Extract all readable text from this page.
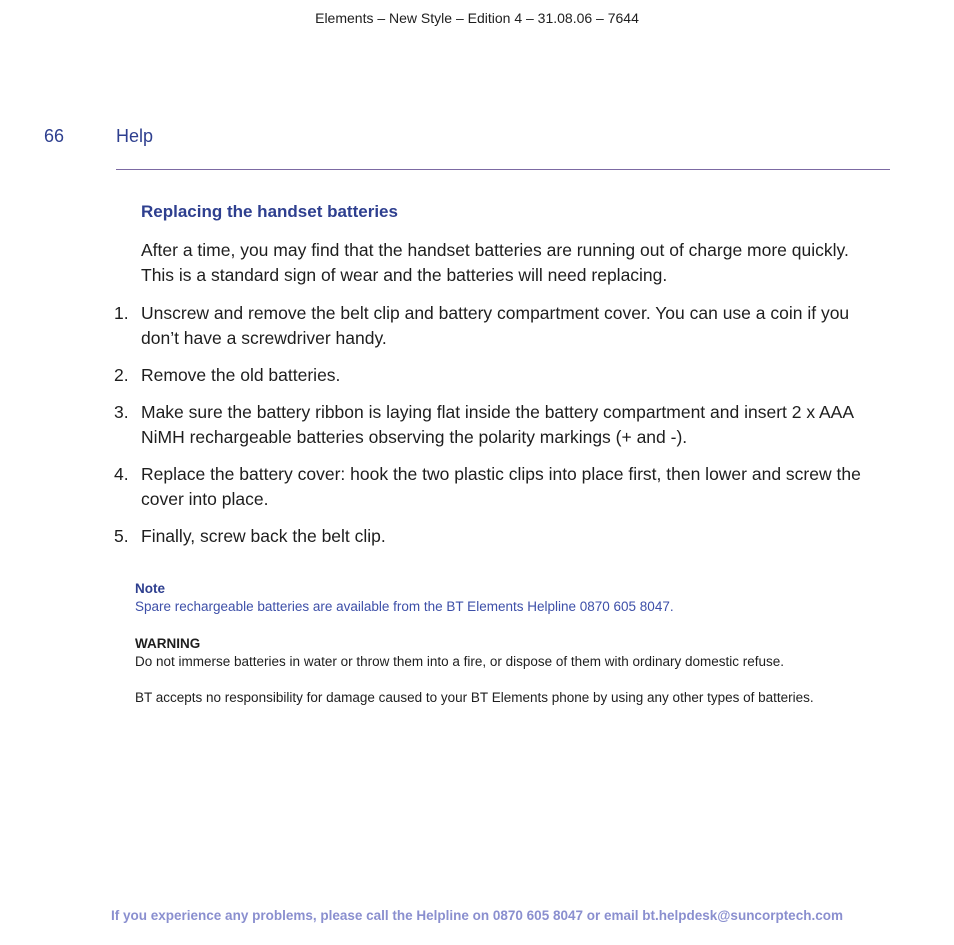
Elements – New Style – Edition 4 – 31.08.06 – 7644
66	Help
Replacing the handset batteries

After a time, you may find that the handset batteries are running out of charge more quickly. This is a standard sign of wear and the batteries will need replacing.

1. Unscrew and remove the belt clip and battery compartment cover. You can use a coin if you don’t have a screwdriver handy.
2. Remove the old batteries.
3. Make sure the battery ribbon is laying flat inside the battery compartment and insert 2 x AAA NiMH rechargeable batteries observing the polarity markings (+ and -).
4. Replace the battery cover: hook the two plastic clips into place first, then lower and screw the cover into place.
5. Finally, screw back the belt clip.
Note
Spare rechargeable batteries are available from the BT Elements Helpline 0870 605 8047.
WARNING
Do not immerse batteries in water or throw them into a fire, or dispose of them with ordinary domestic refuse.
BT accepts no responsibility for damage caused to your BT Elements phone by using any other types of batteries.
If you experience any problems, please call the Helpline on 0870 605 8047 or email bt.helpdesk@suncorptech.com
